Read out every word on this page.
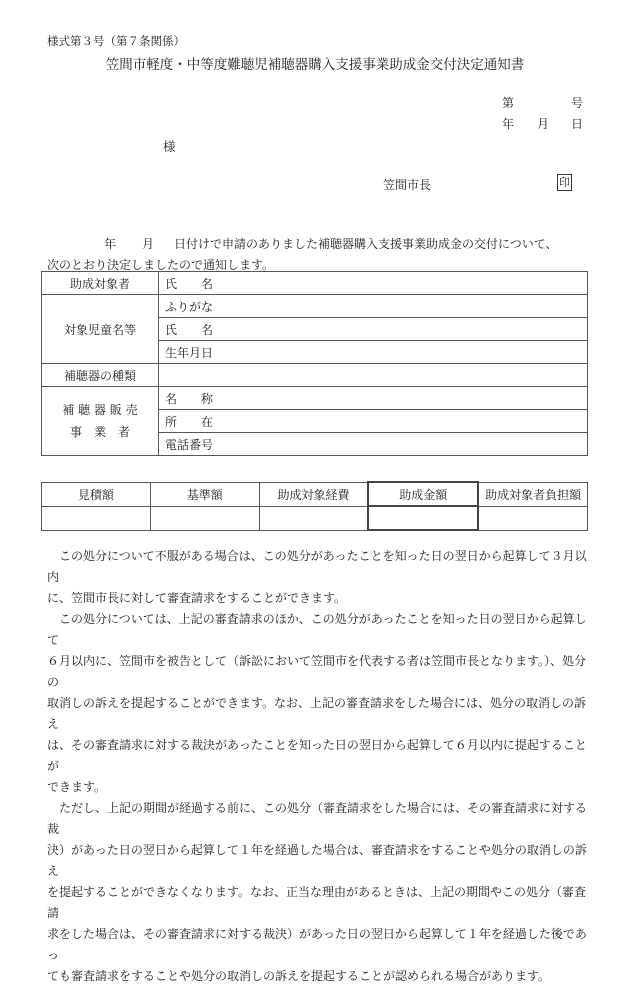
様式第３号（第７条関係）
笠間市軽度・中等度難聴児補聴器購入支援事業助成金交付決定通知書
第	号
年 月 日
様
笠間市長	印
年 月 日付けで申請のありました補聴器購入支援事業助成金の交付について、
次のとおり決定しましたので通知します。
助成対象者	氏　　名	
対象児童名等	ふりがな	
	氏　　名	
	生年月日	
補聴器の種類		

補 聴 器 販 売
事　業　者	名　　称	
	所　　在	
	電話番号	
見積額	基準額	助成対象経費	助成金額	助成対象者負担額

　この処分について不服がある場合は、この処分があったことを知った日の翌日から起算して３月以内
に、笠間市長に対して審査請求をすることができます。

　この処分については、上記の審査請求のほか、この処分があったことを知った日の翌日から起算して
６月以内に、笠間市を被告として（訴訟において笠間市を代表する者は笠間市長となります。）、処分の
取消しの訴えを提起することができます。なお、上記の審査請求をした場合には、処分の取消しの訴え
は、その審査請求に対する裁決があったことを知った日の翌日から起算して６月以内に提起することが
できます。

　ただし、上記の期間が経過する前に、この処分（審査請求をした場合には、その審査請求に対する裁
決）があった日の翌日から起算して１年を経過した場合は、審査請求をすることや処分の取消しの訴え
を提起することができなくなります。なお、正当な理由があるときは、上記の期間やこの処分（審査請
求をした場合は、その審査請求に対する裁決）があった日の翌日から起算して１年を経過した後であっ
ても審査請求をすることや処分の取消しの訴えを提起することが認められる場合があります。
